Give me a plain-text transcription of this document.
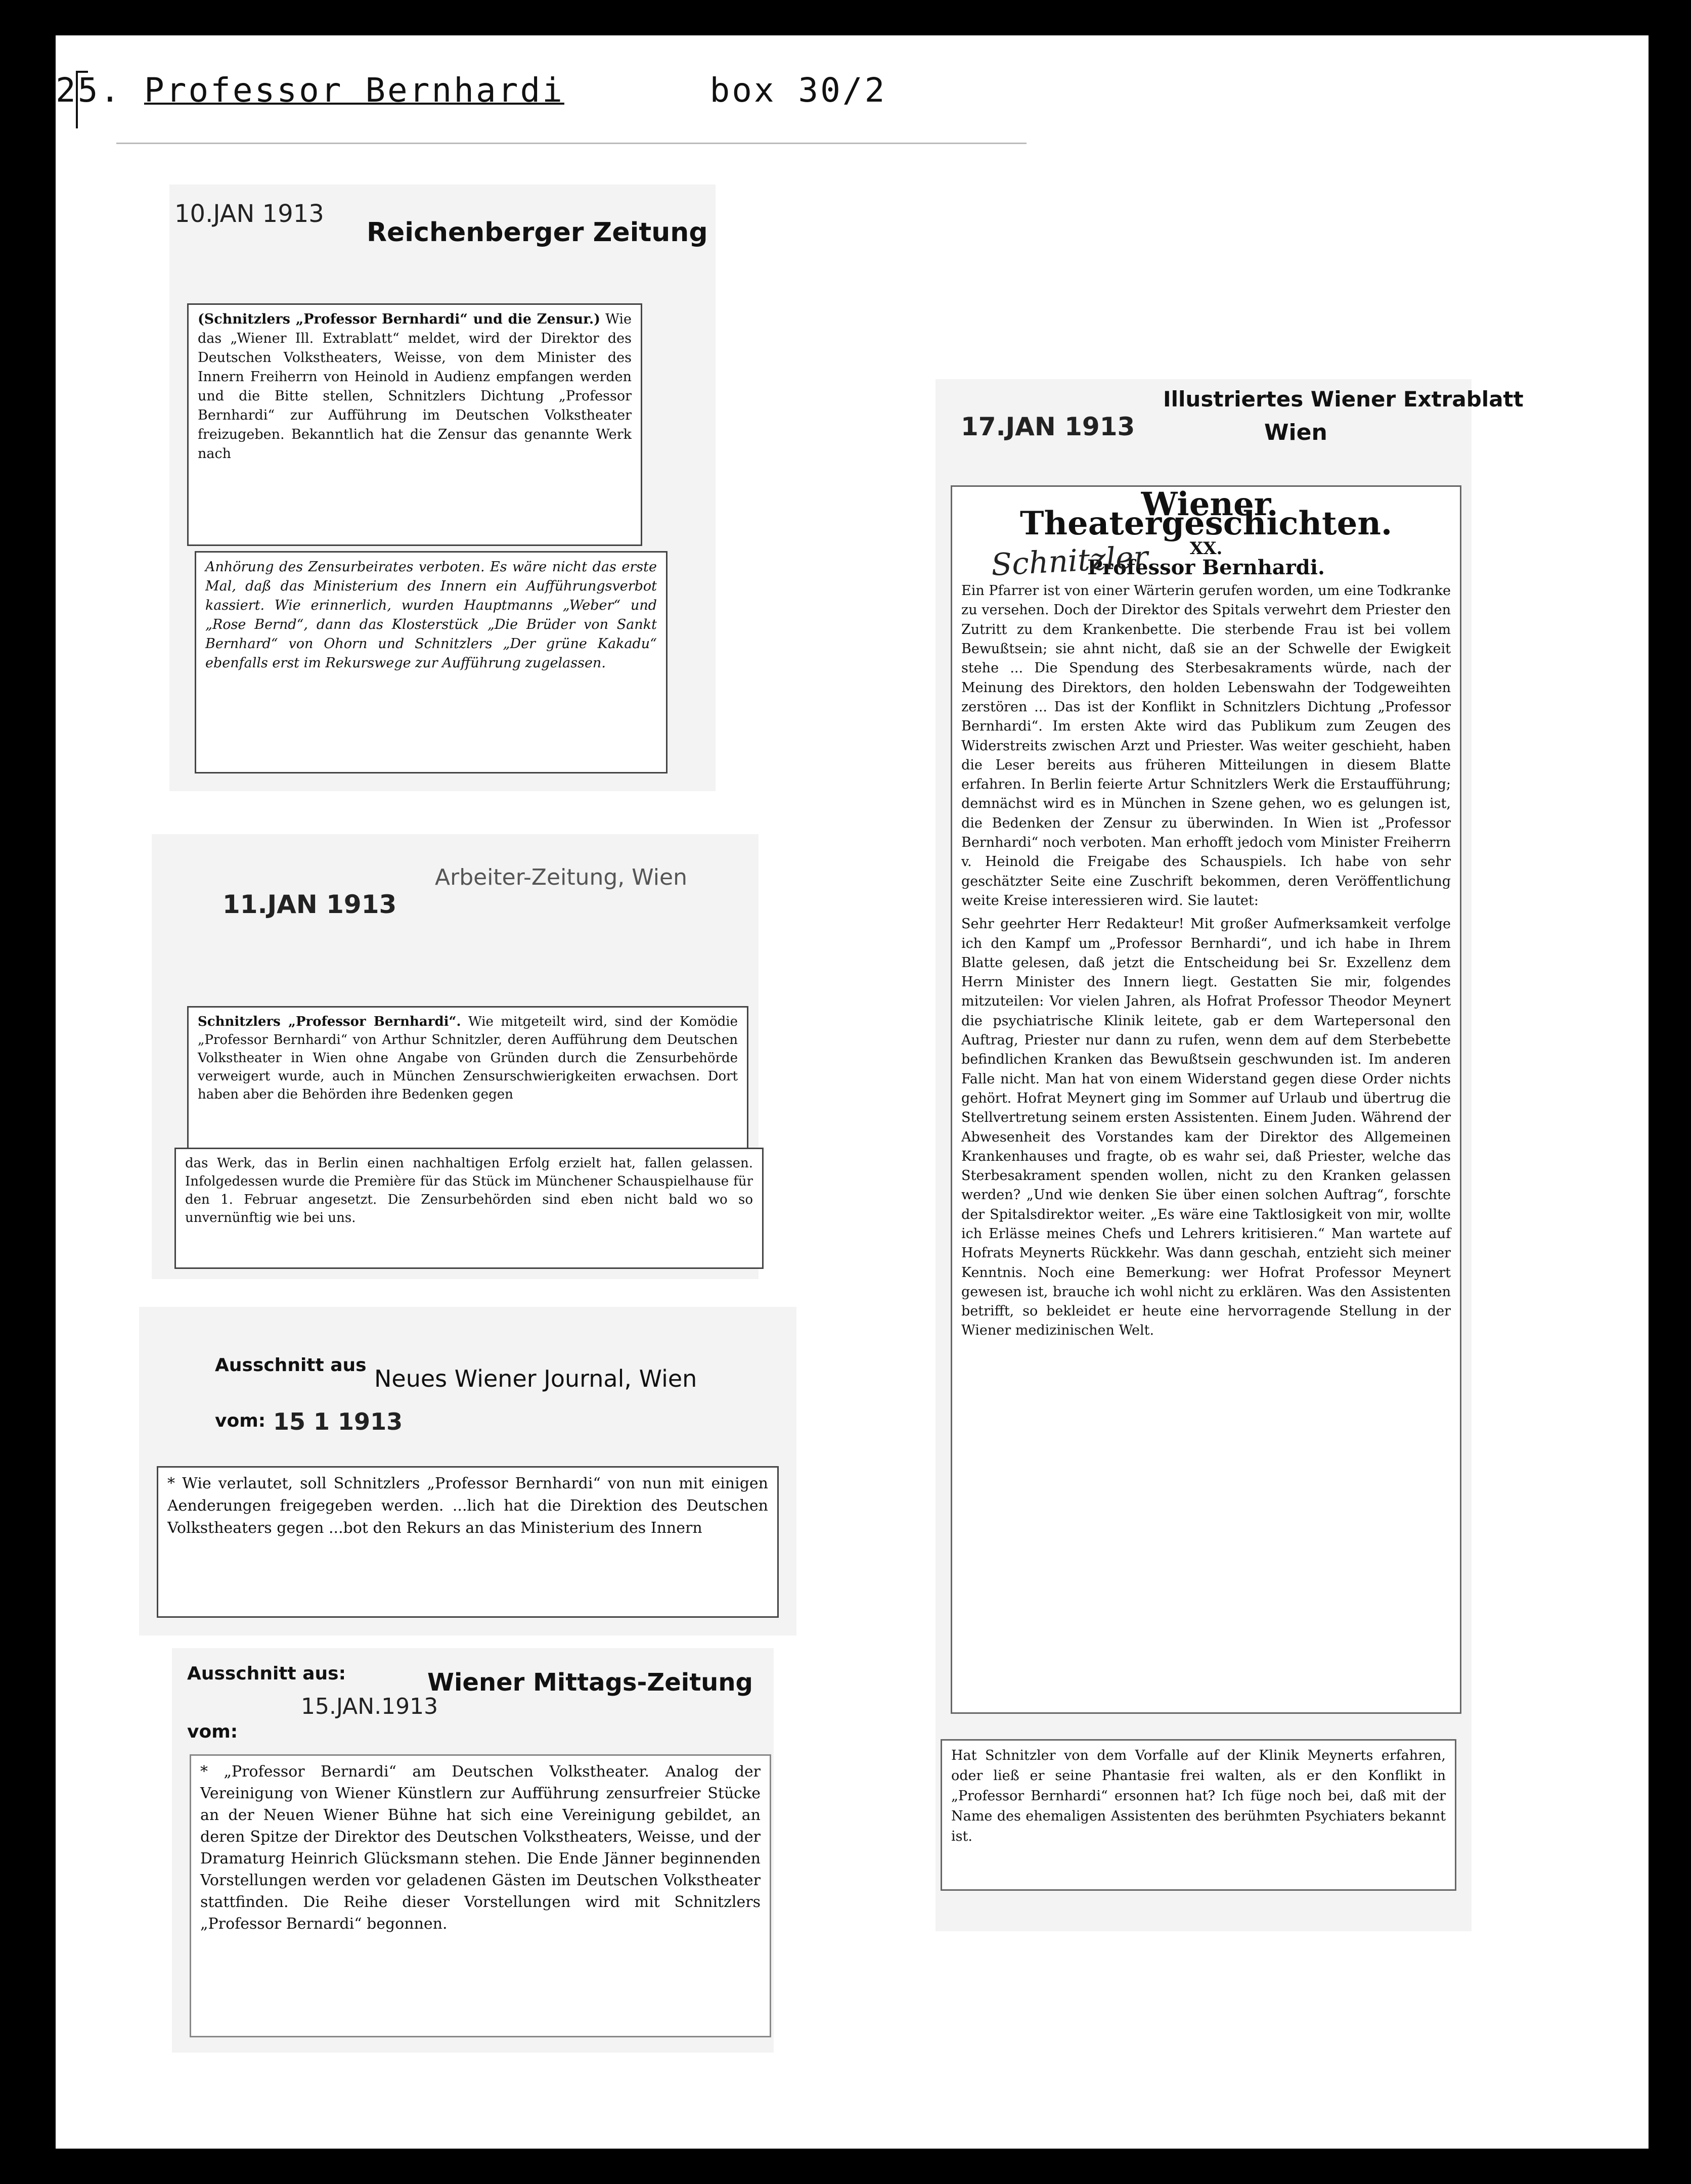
25. Professor Bernhardi	box 30/2
10.JAN 1913
Reichenberger Zeitung

(Schnitzlers „Professor Bernhardi“ und die Zensur.) Wie das „Wiener Ill. Extrablatt“ meldet, wird der Direktor des Deutschen Volkstheaters, Weisse, von dem Minister des Innern Freiherrn von Heinold in Audienz empfangen werden und die Bitte stellen, Schnitzlers Dichtung „Professor Bernhardi“ zur Aufführung im Deutschen Volkstheater freizugeben. Bekanntlich hat die Zensur das genannte Werk nach

Anhörung des Zensurbeirates verboten. Es wäre nicht das erste Mal, daß das Ministerium des Innern ein Aufführungsverbot kassiert. Wie erinnerlich, wurden Hauptmanns „Weber“ und „Rose Bernd“, dann das Klosterstück „Die Brüder von Sankt Bernhard“ von Ohorn und Schnitzlers „Der grüne Kakadu“ ebenfalls erst im Rekurswege zur Aufführung zugelassen.

11.JAN 1913
Arbeiter-Zeitung, Wien

Schnitzlers „Professor Bernhardi“. Wie mitgeteilt wird, sind der Komödie „Professor Bernhardi“ von Arthur Schnitzler, deren Aufführung dem Deutschen Volkstheater in Wien ohne Angabe von Gründen durch die Zensurbehörde verweigert wurde, auch in München Zensurschwierigkeiten erwachsen. Dort haben aber die Behörden ihre Bedenken gegen

das Werk, das in Berlin einen nachhaltigen Erfolg erzielt hat, fallen gelassen. Infolgedessen wurde die Première für das Stück im Münchener Schauspielhause für den 1. Februar angesetzt. Die Zensurbehörden sind eben nicht bald wo so unvernünftig wie bei uns.

Ausschnitt aus Neues Wiener Journal, Wien
vom: 15 1 1913

* Wie verlautet, soll Schnitzlers „Professor Bernhardi“ von nun mit einigen Aenderungen freigegeben werden. ...lich hat die Direktion des Deutschen Volkstheaters gegen ...bot den Rekurs an das Ministerium des Innern

Ausschnitt aus:
15.JAN.1913
Wiener Mittags-Zeitung
vom:

* „Professor Bernardi“ am Deutschen Volkstheater. Analog der Vereinigung von Wiener Künstlern zur Aufführung zensurfreier Stücke an der Neuen Wiener Bühne hat sich eine Vereinigung gebildet, an deren Spitze der Direktor des Deutschen Volkstheaters, Weisse, und der Dramaturg Heinrich Glücksmann stehen. Die Ende Jänner beginnenden Vorstellungen werden vor geladenen Gästen im Deutschen Volkstheater stattfinden. Die Reihe dieser Vorstellungen wird mit Schnitzlers „Professor Bernardi“ begonnen.

17.JAN 1913
Illustriertes Wiener Extrablatt
Wien
Wiener Theatergeschichten.
XX.
Professor Bernhardi.

Ein Pfarrer ist von einer Wärterin gerufen worden, um eine Todkranke zu versehen. Doch der Direktor des Spitals verwehrt dem Priester den Zutritt zu dem Krankenbette. Die sterbende Frau ist bei vollem Bewußtsein; sie ahnt nicht, daß sie an der Schwelle der Ewigkeit stehe ... Die Spendung des Sterbesakraments würde, nach der Meinung des Direktors, den holden Lebenswahn der Todgeweihten zerstören ... Das ist der Konflikt in Schnitzlers Dichtung „Professor Bernhardi“. Im ersten Akte wird das Publikum zum Zeugen des Widerstreits zwischen Arzt und Priester. Was weiter geschieht, haben die Leser bereits aus früheren Mitteilungen in diesem Blatte erfahren. In Berlin feierte Artur Schnitzlers Werk die Erstaufführung; demnächst wird es in München in Szene gehen, wo es gelungen ist, die Bedenken der Zensur zu überwinden. In Wien ist „Professor Bernhardi“ noch verboten. Man erhofft jedoch vom Minister Freiherrn v. Heinold die Freigabe des Schauspiels. Ich habe von sehr geschätzter Seite eine Zuschrift bekommen, deren Veröffentlichung weite Kreise interessieren wird. Sie lautet:

Sehr geehrter Herr Redakteur! Mit großer Aufmerksamkeit verfolge ich den Kampf um „Professor Bernhardi“, und ich habe in Ihrem Blatte gelesen, daß jetzt die Entscheidung bei Sr. Exzellenz dem Herrn Minister des Innern liegt. Gestatten Sie mir, folgendes mitzuteilen: Vor vielen Jahren, als Hofrat Professor Theodor Meynert die psychiatrische Klinik leitete, gab er dem Wartepersonal den Auftrag, Priester nur dann zu rufen, wenn dem auf dem Sterbebette befindlichen Kranken das Bewußtsein geschwunden ist. Im anderen Falle nicht. Man hat von einem Widerstand gegen diese Order nichts gehört. Hofrat Meynert ging im Sommer auf Urlaub und übertrug die Stellvertretung seinem ersten Assistenten. Einem Juden. Während der Abwesenheit des Vorstandes kam der Direktor des Allgemeinen Krankenhauses und fragte, ob es wahr sei, daß Priester, welche das Sterbesakrament spenden wollen, nicht zu den Kranken gelassen werden? „Und wie denken Sie über einen solchen Auftrag“, forschte der Spitalsdirektor weiter. „Es wäre eine Taktlosigkeit von mir, wollte ich Erlässe meines Chefs und Lehrers kritisieren.“ Man wartete auf Hofrats Meynerts Rückkehr. Was dann geschah, entzieht sich meiner Kenntnis. Noch eine Bemerkung: wer Hofrat Professor Meynert gewesen ist, brauche ich wohl nicht zu erklären. Was den Assistenten betrifft, so bekleidet er heute eine hervorragende Stellung in der Wiener medizinischen Welt.

Schnitzler

Hat Schnitzler von dem Vorfalle auf der Klinik Meynerts erfahren, oder ließ er seine Phantasie frei walten, als er den Konflikt in „Professor Bernhardi“ ersonnen hat? Ich füge noch bei, daß mit der Name des ehemaligen Assistenten des berühmten Psychiaters bekannt ist.
